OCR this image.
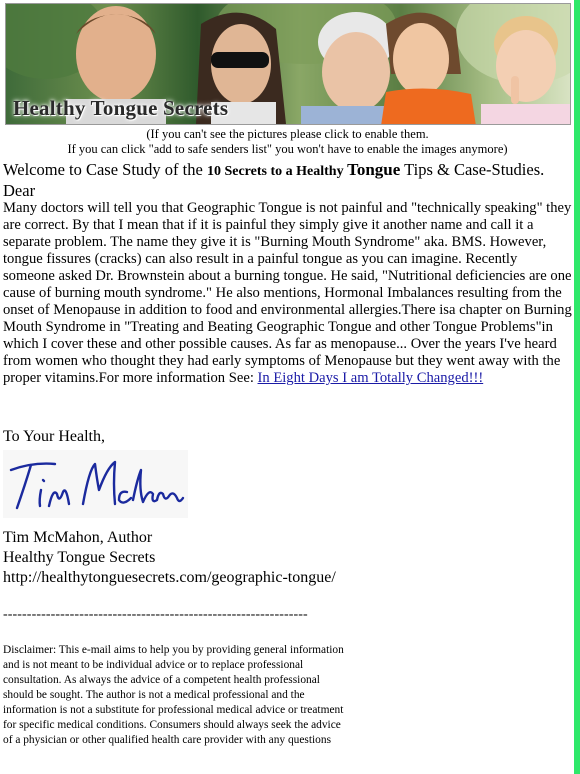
Healthy Tongue Secrets
(If you can't see the pictures please click to enable them.
If you can click "add to safe senders list" you won't have to enable the images anymore)
Welcome to Case Study of the 10 Secrets to a Healthy Tongue Tips & Case-Studies.
Dear
Many doctors will tell you that Geographic Tongue is not painful and "technically speaking" they are correct. By that I mean that if it is painful they simply give it another name and call it a separate problem. The name they give it is "Burning Mouth Syndrome" aka. BMS. However, tongue fissures (cracks) can also result in a painful tongue as you can imagine. Recently someone asked Dr. Brownstein about a burning tongue. He said, "Nutritional deficiencies are one cause of burning mouth syndrome." He also mentions, Hormonal Imbalances resulting from the onset of Menopause in addition to food and environmental allergies.There isa chapter on Burning Mouth Syndrome in "Treating and Beating Geographic Tongue and other Tongue Problems"in which I cover these and other possible causes. As far as menopause... Over the years I've heard from women who thought they had early symptoms of Menopause but they went away with the proper vitamins.For more information See: In Eight Days I am Totally Changed!!!
To Your Health,
Tim McMahon, Author
Healthy Tongue Secrets
http://healthytonguesecrets.com/geographic-tongue/
----------------------------------------------------------------
Disclaimer: This e-mail aims to help you by providing general information and is not meant to be individual advice or to replace professional consultation. As always the advice of a competent health professional should be sought. The author is not a medical professional and the information is not a substitute for professional medical advice or treatment for specific medical conditions. Consumers should always seek the advice of a physician or other qualified health care provider with any questions
